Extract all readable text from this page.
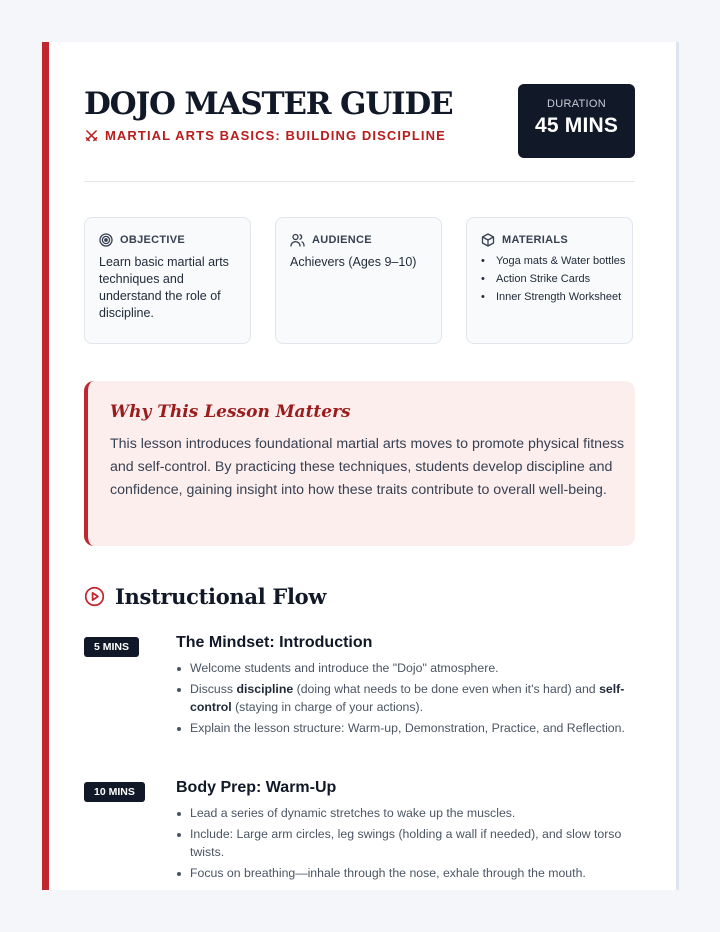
DOJO MASTER GUIDE
MARTIAL ARTS BASICS: BUILDING DISCIPLINE
DURATION
45 MINS
OBJECTIVE
Learn basic martial arts techniques and understand the role of discipline.
AUDIENCE
Achievers (Ages 9–10)
MATERIALS
• Yoga mats & Water bottles
• Action Strike Cards
• Inner Strength Worksheet
Why This Lesson Matters

This lesson introduces foundational martial arts moves to promote physical fitness and self-control. By practicing these techniques, students develop discipline and confidence, gaining insight into how these traits contribute to overall well-being.

Instructional Flow
5 MINS	The Mindset: Introduction
Welcome students and introduce the "Dojo" atmosphere.
Discuss discipline (doing what needs to be done even when it's hard) and self-control (staying in charge of your actions).
Explain the lesson structure: Warm-up, Demonstration, Practice, and Reflection.
10 MINS	Body Prep: Warm-Up
Lead a series of dynamic stretches to wake up the muscles.
Include: Large arm circles, leg swings (holding a wall if needed), and slow torso twists.
Focus on breathing—inhale through the nose, exhale through the mouth.
